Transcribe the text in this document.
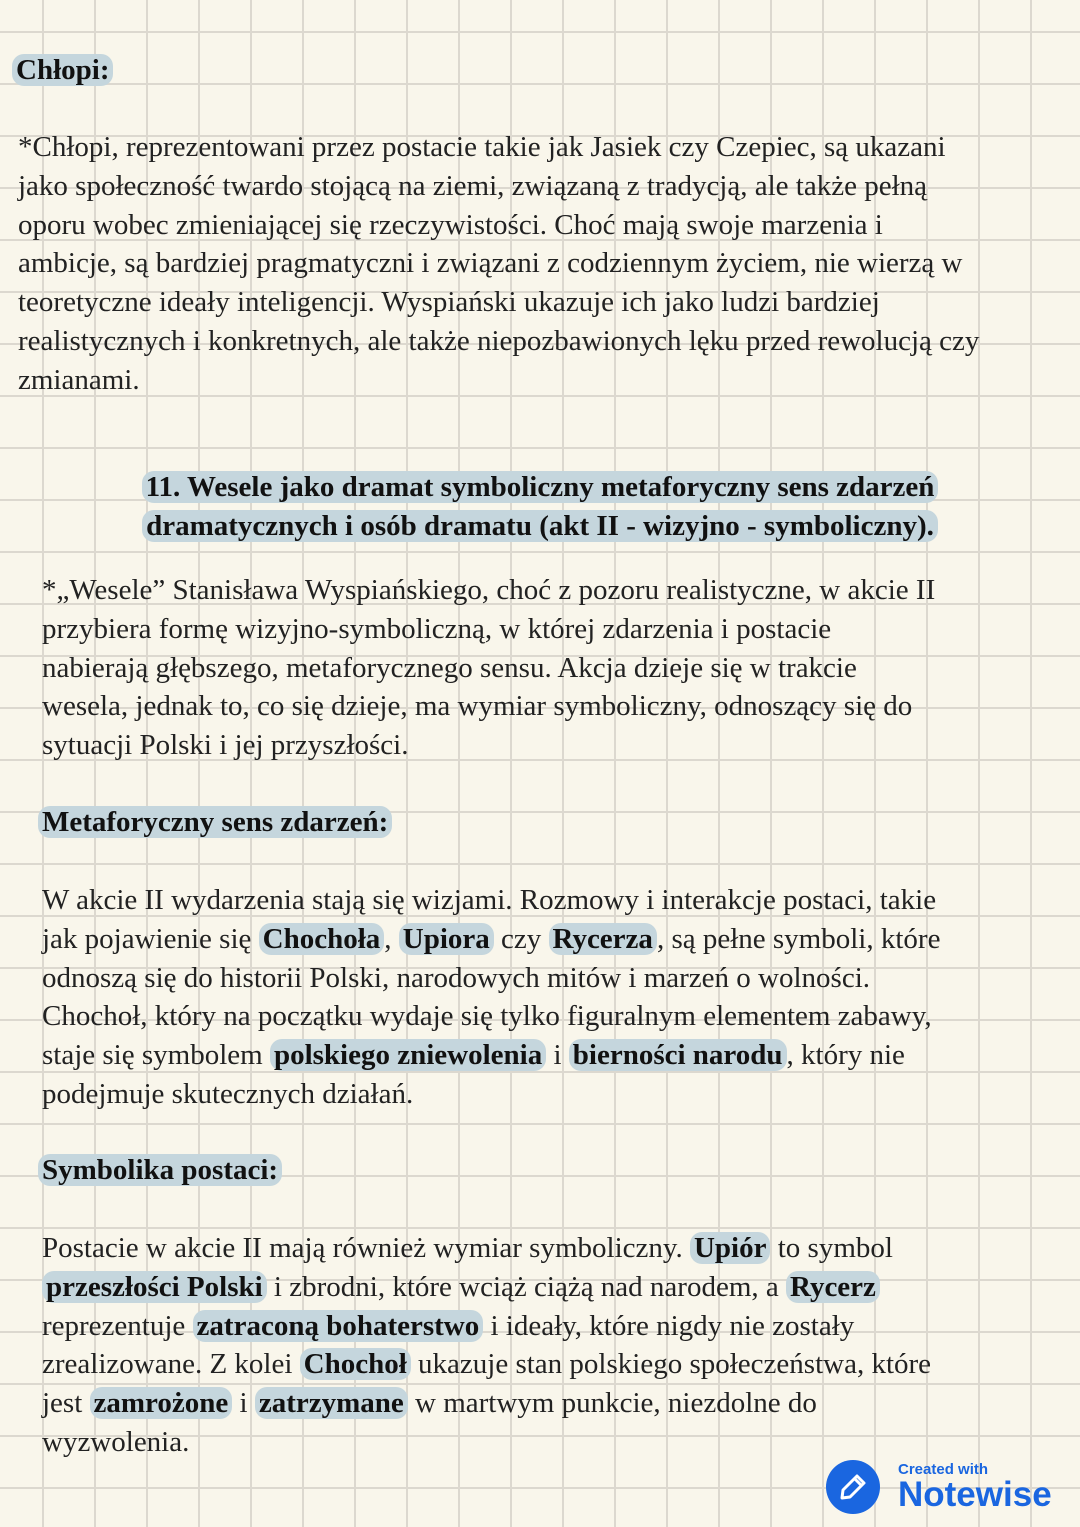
Chłopi:
*Chłopi, reprezentowani przez postacie takie jak Jasiek czy Czepiec, są ukazani
jako społeczność twardo stojącą na ziemi, związaną z tradycją, ale także pełną
oporu wobec zmieniającej się rzeczywistości. Choć mają swoje marzenia i
ambicje, są bardziej pragmatyczni i związani z codziennym życiem, nie wierzą w
teoretyczne ideały inteligencji. Wyspiański ukazuje ich jako ludzi bardziej
realistycznych i konkretnych, ale także niepozbawionych lęku przed rewolucją czy
zmianami.
11. Wesele jako dramat symboliczny metaforyczny sens zdarzeń
dramatycznych i osób dramatu (akt II - wizyjno - symboliczny).
*„Wesele” Stanisława Wyspiańskiego, choć z pozoru realistyczne, w akcie II
przybiera formę wizyjno-symboliczną, w której zdarzenia i postacie
nabierają głębszego, metaforycznego sensu. Akcja dzieje się w trakcie
wesela, jednak to, co się dzieje, ma wymiar symboliczny, odnoszący się do
sytuacji Polski i jej przyszłości.
Metaforyczny sens zdarzeń:
W akcie II wydarzenia stają się wizjami. Rozmowy i interakcje postaci, takie
jak pojawienie się Chochoła , Upiora czy Rycerza , są pełne symboli, które
odnoszą się do historii Polski, narodowych mitów i marzeń o wolności.
Chochoł, który na początku wydaje się tylko figuralnym elementem zabawy,
staje się symbolem polskiego zniewolenia i bierności narodu , który nie
podejmuje skutecznych działań.
Symbolika postaci:
Postacie w akcie II mają również wymiar symboliczny. Upiór to symbol
przeszłości Polski i zbrodni, które wciąż ciążą nad narodem, a Rycerz
reprezentuje zatraconą bohaterstwo i ideały, które nigdy nie zostały
zrealizowane. Z kolei Chochoł ukazuje stan polskiego społeczeństwa, które
jest zamrożone i zatrzymane w martwym punkcie, niezdolne do
wyzwolenia.
Created with
Notewise
